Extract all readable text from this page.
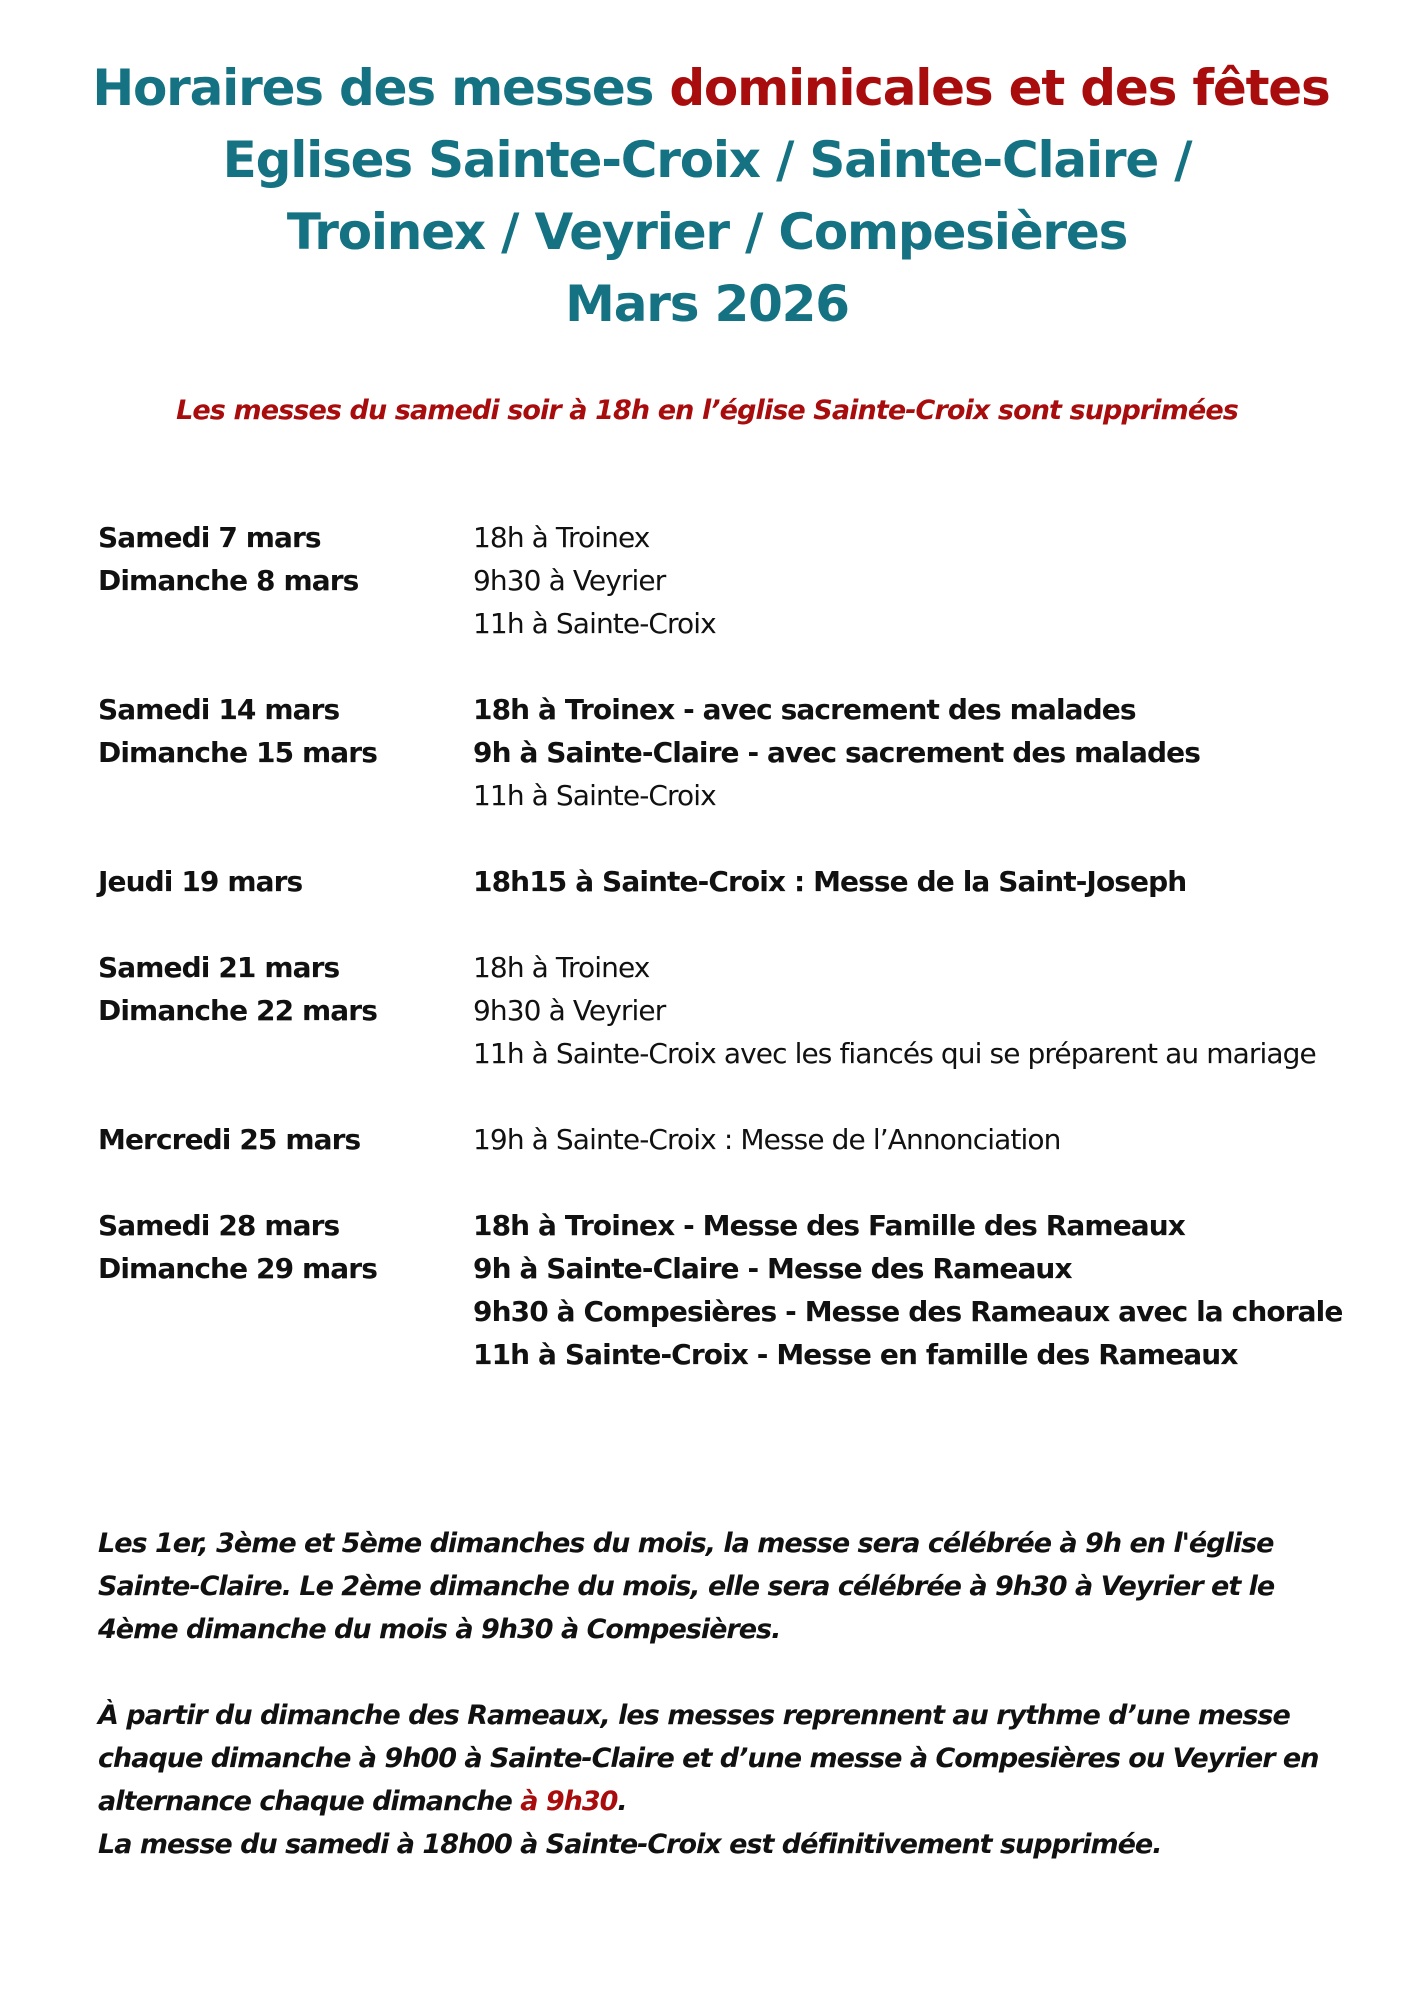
Horaires des messes dominicales et des fêtes
Eglises Sainte-Croix / Sainte-Claire /
Troinex / Veyrier / Compesières
Mars 2026
Les messes du samedi soir à 18h en l’église Sainte-Croix sont supprimées
Samedi 7 mars
Dimanche 8 mars
18h à Troinex
9h30 à Veyrier
11h à Sainte-Croix
Samedi 14 mars
Dimanche 15 mars
18h à Troinex - avec sacrement des malades
9h à Sainte-Claire - avec sacrement des malades
11h à Sainte-Croix
Jeudi 19 mars	18h15 à Sainte-Croix : Messe de la Saint-Joseph
Samedi 21 mars
Dimanche 22 mars
18h à Troinex
9h30 à Veyrier
11h à Sainte-Croix avec les fiancés qui se préparent au mariage
Mercredi 25 mars	19h à Sainte-Croix : Messe de l’Annonciation
Samedi 28 mars
Dimanche 29 mars
18h à Troinex - Messe des Famille des Rameaux
9h à Sainte-Claire - Messe des Rameaux
9h30 à Compesières - Messe des Rameaux avec la chorale
11h à Sainte-Croix - Messe en famille des Rameaux

Les 1er, 3ème et 5ème dimanches du mois, la messe sera célébrée à 9h en l'église Sainte-Claire. Le 2ème dimanche du mois, elle sera célébrée à 9h30 à Veyrier et le 4ème dimanche du mois à 9h30 à Compesières.

À partir du dimanche des Rameaux, les messes reprennent au rythme d’une messe chaque dimanche à 9h00 à Sainte-Claire et d’une messe à Compesières ou Veyrier en alternance chaque dimanche à 9h30.

La messe du samedi à 18h00 à Sainte-Croix est définitivement supprimée.
